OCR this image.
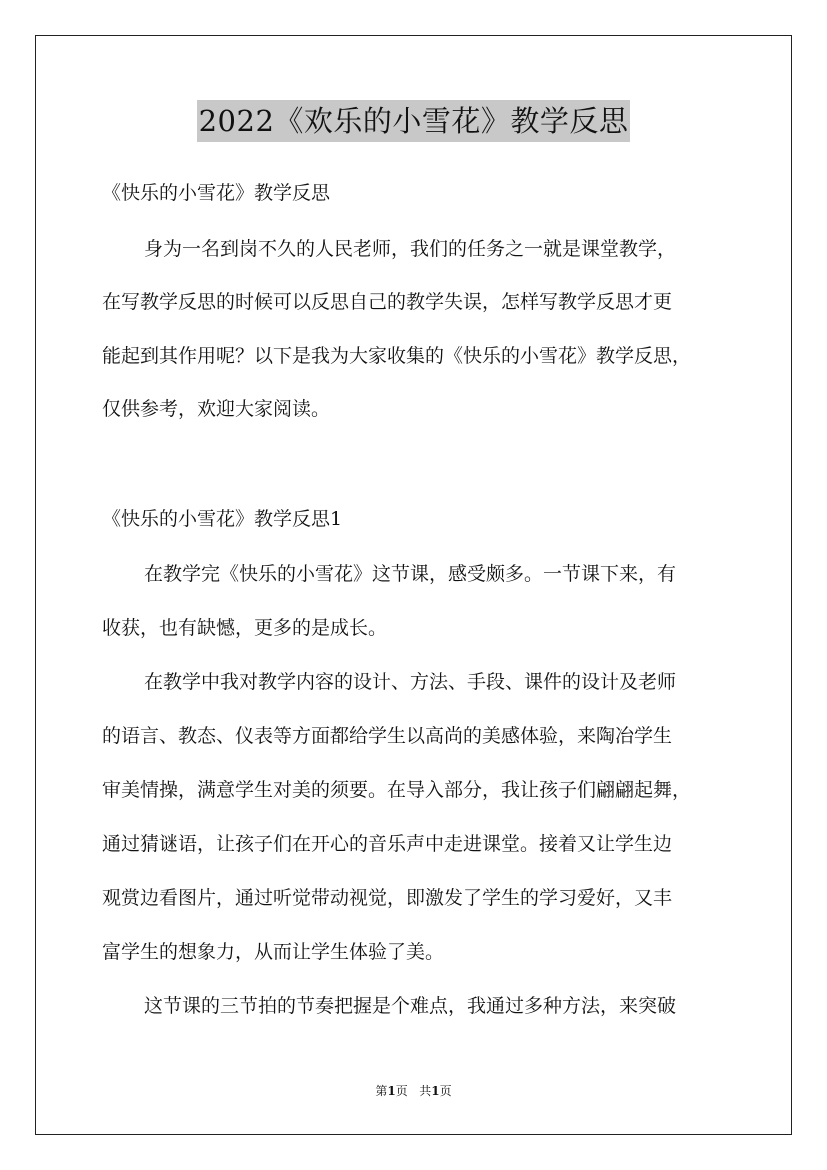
2022《欢乐的小雪花》教学反思
《快乐的小雪花》教学反思
身为一名到岗不久的人民老师，我们的任务之一就是课堂教学，
在写教学反思的时候可以反思自己的教学失误，怎样写教学反思才更
能起到其作用呢？以下是我为大家收集的《快乐的小雪花》教学反思，
仅供参考，欢迎大家阅读。
《快乐的小雪花》教学反思1
在教学完《快乐的小雪花》这节课，感受颇多。一节课下来，有
收获，也有缺憾，更多的是成长。
在教学中我对教学内容的设计、方法、手段、课件的设计及老师
的语言、教态、仪表等方面都给学生以高尚的美感体验，来陶冶学生
审美情操，满意学生对美的须要。在导入部分，我让孩子们翩翩起舞，
通过猜谜语，让孩子们在开心的音乐声中走进课堂。接着又让学生边
观赏边看图片，通过听觉带动视觉，即激发了学生的学习爱好，又丰
富学生的想象力，从而让学生体验了美。
这节课的三节拍的节奏把握是个难点，我通过多种方法，来突破
第1页 共1页
